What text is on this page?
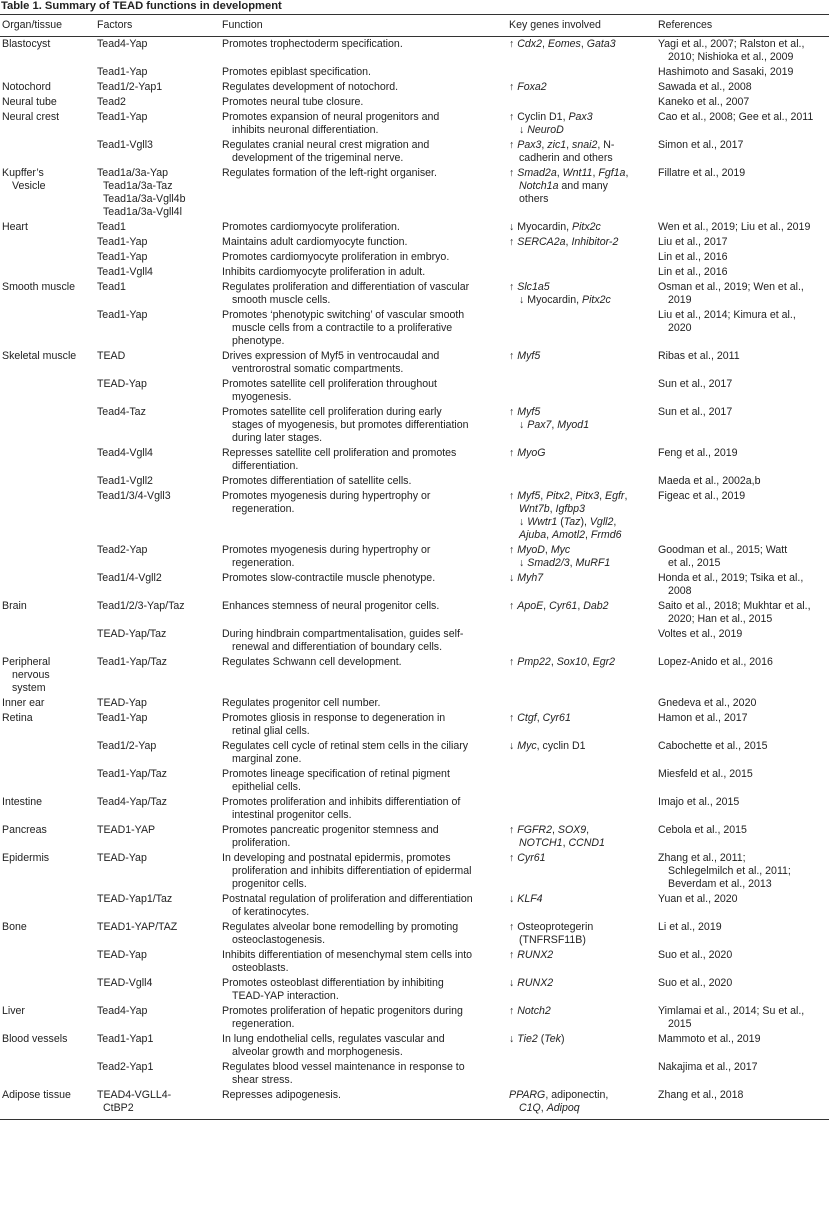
Table 1. Summary of TEAD functions in development
Organ/tissue	Factors	Function	Key genes involved	References

Blastocyst	Tead4-Yap	Promotes trophectoderm specification.	↑ Cdx2, Eomes, Gata3	Yagi et al., 2007; Ralston et al.,
2010; Nishioka et al., 2009

	Tead1-Yap	Promotes epiblast specification.		Hashimoto and Sasaki, 2019

Notochord	Tead1/2-Yap1	Regulates development of notochord.	↑ Foxa2	Sawada et al., 2008

Neural tube	Tead2	Promotes neural tube closure.		Kaneko et al., 2007

Neural crest	Tead1-Yap	Promotes expansion of neural progenitors and
inhibits neuronal differentiation.	↑ Cyclin D1, Pax3
↓ NeuroD	Cao et al., 2008; Gee et al., 2011

	Tead1-Vgll3	Regulates cranial neural crest migration and
development of the trigeminal nerve.	↑ Pax3, zic1, snai2, N-
cadherin and others	Simon et al., 2017

Kupffer’s
Vesicle	Tead1a/3a-Yap
Tead1a/3a-Taz
Tead1a/3a-Vgll4b
Tead1a/3a-Vgll4l	Regulates formation of the left-right organiser.	↑ Smad2a, Wnt11, Fgf1a,
Notch1a and many
others	Fillatre et al., 2019

Heart	Tead1	Promotes cardiomyocyte proliferation.	↓ Myocardin, Pitx2c	Wen et al., 2019; Liu et al., 2019

	Tead1-Yap	Maintains adult cardiomyocyte function.	↑ SERCA2a, Inhibitor-2	Liu et al., 2017

	Tead1-Yap	Promotes cardiomyocyte proliferation in embryo.		Lin et al., 2016

	Tead1-Vgll4	Inhibits cardiomyocyte proliferation in adult.		Lin et al., 2016

Smooth muscle	Tead1	Regulates proliferation and differentiation of vascular
smooth muscle cells.	↑ Slc1a5
↓ Myocardin, Pitx2c	Osman et al., 2019; Wen et al.,
2019

	Tead1-Yap	Promotes ‘phenotypic switching’ of vascular smooth
muscle cells from a contractile to a proliferative
phenotype.		Liu et al., 2014; Kimura et al.,
2020

Skeletal muscle	TEAD	Drives expression of Myf5 in ventrocaudal and
ventrorostral somatic compartments.	↑ Myf5	Ribas et al., 2011

	TEAD-Yap	Promotes satellite cell proliferation throughout
myogenesis.		Sun et al., 2017

	Tead4-Taz	Promotes satellite cell proliferation during early
stages of myogenesis, but promotes differentiation
during later stages.	↑ Myf5
↓ Pax7, Myod1	Sun et al., 2017

	Tead4-Vgll4	Represses satellite cell proliferation and promotes
differentiation.	↑ MyoG	Feng et al., 2019

	Tead1-Vgll2	Promotes differentiation of satellite cells.		Maeda et al., 2002a,b

	Tead1/3/4-Vgll3	Promotes myogenesis during hypertrophy or
regeneration.	↑ Myf5, Pitx2, Pitx3, Egfr,
Wnt7b, Igfbp3
↓ Wwtr1 (Taz), Vgll2,
Ajuba, Amotl2, Frmd6	Figeac et al., 2019

	Tead2-Yap	Promotes myogenesis during hypertrophy or
regeneration.	↑ MyoD, Myc
↓ Smad2/3, MuRF1	Goodman et al., 2015; Watt
et al., 2015

	Tead1/4-Vgll2	Promotes slow-contractile muscle phenotype.	↓ Myh7	Honda et al., 2019; Tsika et al.,
2008

Brain	Tead1/2/3-Yap/Taz	Enhances stemness of neural progenitor cells.	↑ ApoE, Cyr61, Dab2	Saito et al., 2018; Mukhtar et al.,
2020; Han et al., 2015

	TEAD-Yap/Taz	During hindbrain compartmentalisation, guides self-
renewal and differentiation of boundary cells.		Voltes et al., 2019

Peripheral
nervous
system	Tead1-Yap/Taz	Regulates Schwann cell development.	↑ Pmp22, Sox10, Egr2	Lopez-Anido et al., 2016

Inner ear	TEAD-Yap	Regulates progenitor cell number.		Gnedeva et al., 2020

Retina	Tead1-Yap	Promotes gliosis in response to degeneration in
retinal glial cells.	↑ Ctgf, Cyr61	Hamon et al., 2017

	Tead1/2-Yap	Regulates cell cycle of retinal stem cells in the ciliary
marginal zone.	↓ Myc, cyclin D1	Cabochette et al., 2015

	Tead1-Yap/Taz	Promotes lineage specification of retinal pigment
epithelial cells.		Miesfeld et al., 2015

Intestine	Tead4-Yap/Taz	Promotes proliferation and inhibits differentiation of
intestinal progenitor cells.		Imajo et al., 2015

Pancreas	TEAD1-YAP	Promotes pancreatic progenitor stemness and
proliferation.	↑ FGFR2, SOX9,
NOTCH1, CCND1	Cebola et al., 2015

Epidermis	TEAD-Yap	In developing and postnatal epidermis, promotes
proliferation and inhibits differentiation of epidermal
progenitor cells.	↑ Cyr61	Zhang et al., 2011;
Schlegelmilch et al., 2011;
Beverdam et al., 2013

	TEAD-Yap1/Taz	Postnatal regulation of proliferation and differentiation
of keratinocytes.	↓ KLF4	Yuan et al., 2020

Bone	TEAD1-YAP/TAZ	Regulates alveolar bone remodelling by promoting
osteoclastogenesis.	↑ Osteoprotegerin
(TNFRSF11B)	Li et al., 2019

	TEAD-Yap	Inhibits differentiation of mesenchymal stem cells into
osteoblasts.	↑ RUNX2	Suo et al., 2020

	TEAD-Vgll4	Promotes osteoblast differentiation by inhibiting
TEAD-YAP interaction.	↓ RUNX2	Suo et al., 2020

Liver	Tead4-Yap	Promotes proliferation of hepatic progenitors during
regeneration.	↑ Notch2	Yimlamai et al., 2014; Su et al.,
2015

Blood vessels	Tead1-Yap1	In lung endothelial cells, regulates vascular and
alveolar growth and morphogenesis.	↓ Tie2 (Tek)	Mammoto et al., 2019

	Tead2-Yap1	Regulates blood vessel maintenance in response to
shear stress.		Nakajima et al., 2017

Adipose tissue	TEAD4-VGLL4-
CtBP2	Represses adipogenesis.	PPARG, adiponectin,
C1Q, Adipoq	Zhang et al., 2018
